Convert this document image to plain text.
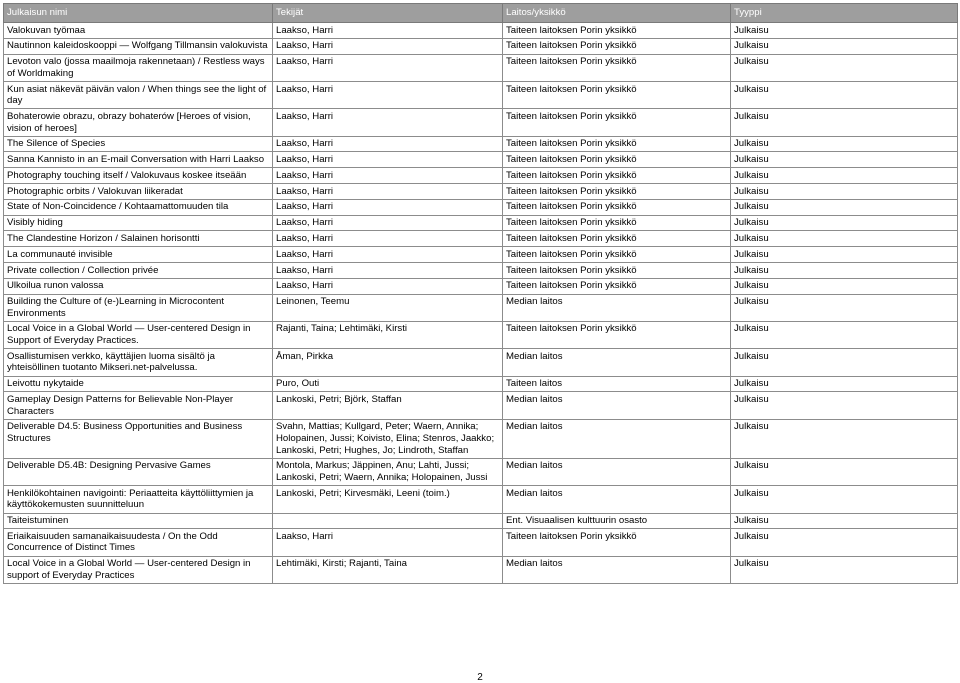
Julkaisun nimi	Tekijät	Laitos/yksikkö	Tyyppi
Valokuvan työmaa	Laakso, Harri	Taiteen laitoksen Porin yksikkö	Julkaisu
Nautinnon kaleidoskooppi — Wolfgang Tillmansin valokuvista	Laakso, Harri	Taiteen laitoksen Porin yksikkö	Julkaisu
Levoton valo (jossa maailmoja rakennetaan) / Restless ways of Worldmaking	Laakso, Harri	Taiteen laitoksen Porin yksikkö	Julkaisu
Kun asiat näkevät päivän valon / When things see the light of day	Laakso, Harri	Taiteen laitoksen Porin yksikkö	Julkaisu
Bohaterowie obrazu, obrazy bohaterów [Heroes of vision, vision of heroes]	Laakso, Harri	Taiteen laitoksen Porin yksikkö	Julkaisu
The Silence of Species	Laakso, Harri	Taiteen laitoksen Porin yksikkö	Julkaisu
Sanna Kannisto in an E-mail Conversation with Harri Laakso	Laakso, Harri	Taiteen laitoksen Porin yksikkö	Julkaisu
Photography touching itself / Valokuvaus koskee itseään	Laakso, Harri	Taiteen laitoksen Porin yksikkö	Julkaisu
Photographic orbits / Valokuvan liikeradat	Laakso, Harri	Taiteen laitoksen Porin yksikkö	Julkaisu
State of Non-Coincidence / Kohtaamattomuuden tila	Laakso, Harri	Taiteen laitoksen Porin yksikkö	Julkaisu
Visibly hiding	Laakso, Harri	Taiteen laitoksen Porin yksikkö	Julkaisu
The Clandestine Horizon / Salainen horisontti	Laakso, Harri	Taiteen laitoksen Porin yksikkö	Julkaisu
La communauté invisible	Laakso, Harri	Taiteen laitoksen Porin yksikkö	Julkaisu
Private collection / Collection privée	Laakso, Harri	Taiteen laitoksen Porin yksikkö	Julkaisu
Ulkoilua runon valossa	Laakso, Harri	Taiteen laitoksen Porin yksikkö	Julkaisu
Building the Culture of (e-)Learning in Microcontent Environments	Leinonen, Teemu	Median laitos	Julkaisu
Local Voice in a Global World — User-centered Design in Support of Everyday Practices.	Rajanti, Taina; Lehtimäki, Kirsti	Taiteen laitoksen Porin yksikkö	Julkaisu
Osallistumisen verkko, käyttäjien luoma sisältö ja yhteisöllinen tuotanto Mikseri.net-palvelussa.	Åman, Pirkka	Median laitos	Julkaisu
Leivottu nykytaide	Puro, Outi	Taiteen laitos	Julkaisu
Gameplay Design Patterns for Believable Non-Player Characters	Lankoski, Petri; Björk, Staffan	Median laitos	Julkaisu
Deliverable D4.5: Business Opportunities and Business Structures	Svahn, Mattias; Kullgard, Peter; Waern, Annika; Holopainen, Jussi; Koivisto, Elina; Stenros, Jaakko; Lankoski, Petri; Hughes, Jo; Lindroth, Staffan	Median laitos	Julkaisu
Deliverable D5.4B: Designing Pervasive Games	Montola, Markus; Jäppinen, Anu; Lahti, Jussi; Lankoski, Petri; Waern, Annika; Holopainen, Jussi	Median laitos	Julkaisu
Henkilökohtainen navigointi: Periaatteita käyttöliittymien ja käyttökokemusten suunnitteluun	Lankoski, Petri; Kirvesmäki, Leeni (toim.)	Median laitos	Julkaisu
Taiteistuminen		Ent. Visuaalisen kulttuurin osasto	Julkaisu
Eriaikaisuuden samanaikaisuudesta / On the Odd Concurrence of Distinct Times	Laakso, Harri	Taiteen laitoksen Porin yksikkö	Julkaisu
Local Voice in a Global World — User-centered Design in support of Everyday Practices	Lehtimäki, Kirsti; Rajanti, Taina	Median laitos	Julkaisu
2
